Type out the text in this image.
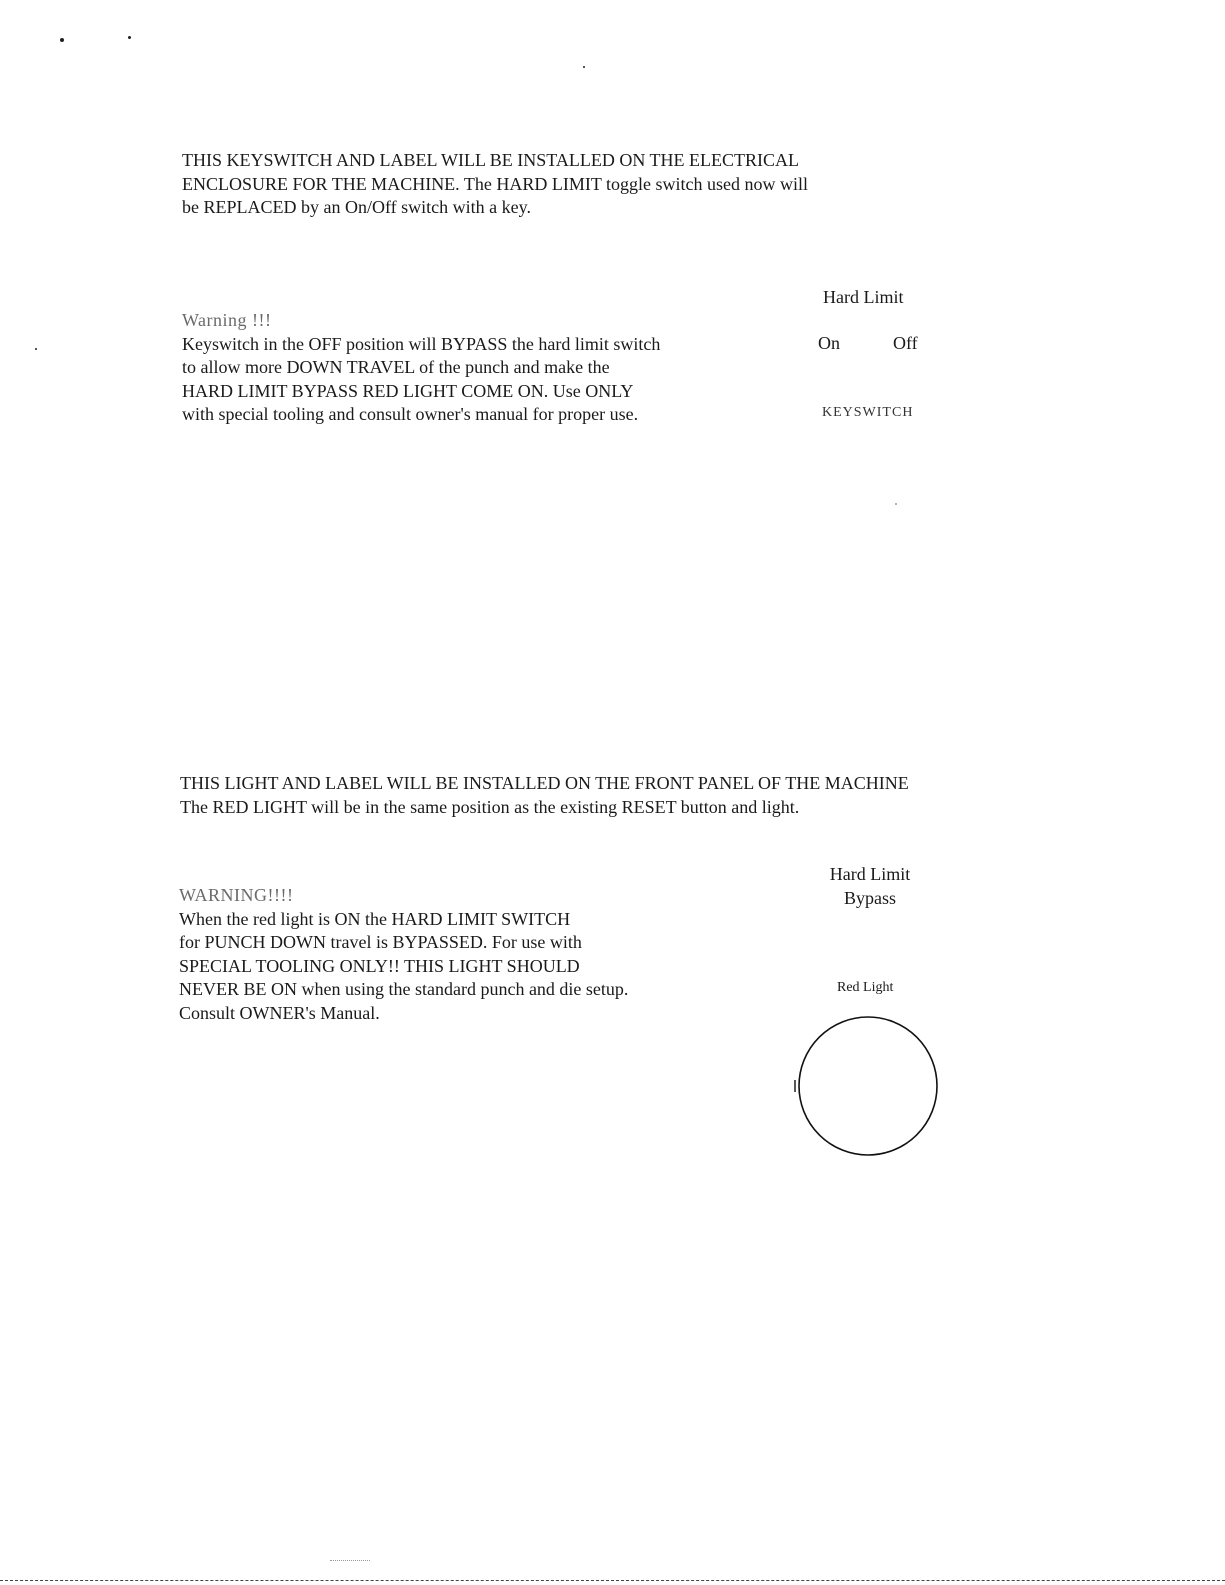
THIS KEYSWITCH AND LABEL WILL BE INSTALLED ON THE ELECTRICAL
ENCLOSURE FOR THE MACHINE. The HARD LIMIT toggle switch used now will
be REPLACED by an On/Off switch with a key.
Warning !!!
Keyswitch in the OFF position will BYPASS the hard limit switch
to allow more DOWN TRAVEL of the punch and make the
HARD LIMIT BYPASS RED LIGHT COME ON. Use ONLY
with special tooling and consult owner's manual for proper use.
Hard Limit
On	Off
KEYSWITCH
THIS LIGHT AND LABEL WILL BE INSTALLED ON THE FRONT PANEL OF THE MACHINE
The RED LIGHT will be in the same position as the existing RESET button and light.
WARNING!!!!
When the red light is ON the HARD LIMIT SWITCH
for PUNCH DOWN travel is BYPASSED. For use with
SPECIAL TOOLING ONLY!! THIS LIGHT SHOULD
NEVER BE ON when using the standard punch and die setup.
Consult OWNER's Manual.
Hard Limit
Bypass
Red Light
